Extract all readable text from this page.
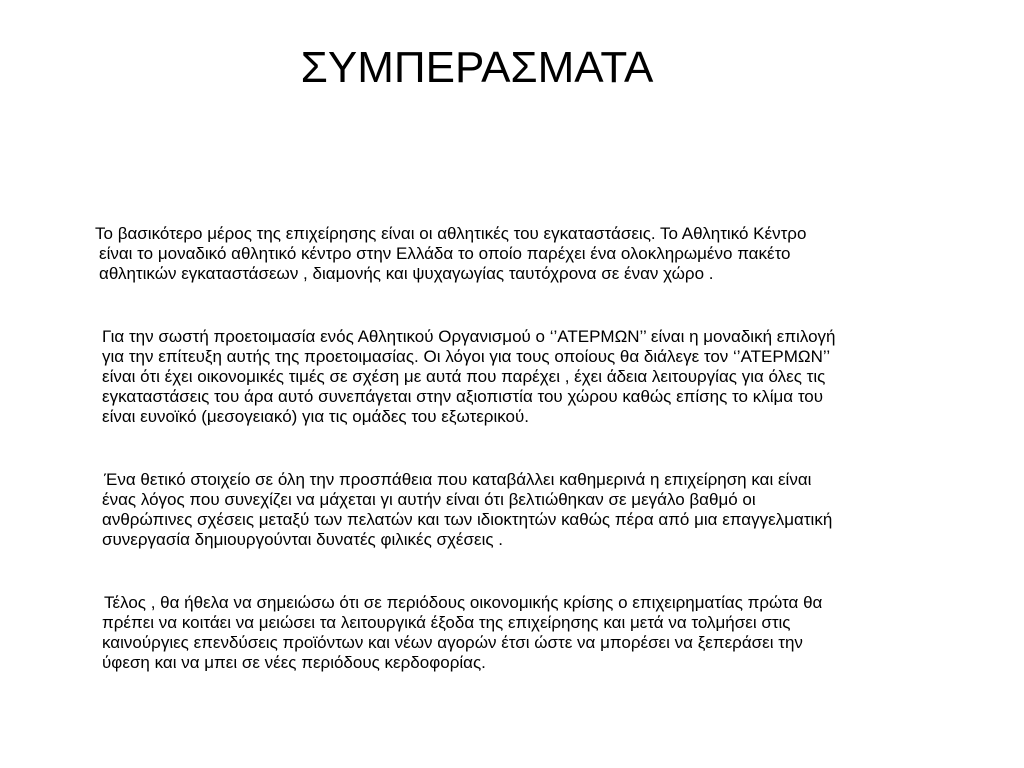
ΣΥΜΠΕΡΑΣΜΑΤΑ
Το βασικότερο μέρος της επιχείρησης είναι οι αθλητικές του εγκαταστάσεις. Το Αθλητικό Κέντρο
είναι το μοναδικό αθλητικό κέντρο στην Ελλάδα το οποίο παρέχει ένα ολοκληρωμένο πακέτο
αθλητικών εγκαταστάσεων , διαμονής και ψυχαγωγίας ταυτόχρονα σε έναν χώρο .
Για την σωστή προετοιμασία ενός Αθλητικού Οργανισμού ο ‘’ΑΤΕΡΜΩΝ’’ είναι η μοναδική επιλογή
για την επίτευξη αυτής της προετοιμασίας. Οι λόγοι για τους οποίους θα διάλεγε τον ‘’ΑΤΕΡΜΩΝ’’
είναι ότι έχει οικονομικές τιμές σε σχέση με αυτά που παρέχει , έχει άδεια λειτουργίας για όλες τις
εγκαταστάσεις του άρα αυτό συνεπάγεται στην αξιοπιστία του χώρου καθώς επίσης το κλίμα του
είναι ευνοϊκό (μεσογειακό) για τις ομάδες του εξωτερικού.
Ένα θετικό στοιχείο σε όλη την προσπάθεια που καταβάλλει καθημερινά η επιχείρηση και είναι
ένας λόγος που συνεχίζει να μάχεται γι αυτήν είναι ότι βελτιώθηκαν σε μεγάλο βαθμό οι
ανθρώπινες σχέσεις μεταξύ των πελατών και των ιδιοκτητών καθώς πέρα από μια επαγγελματική
συνεργασία δημιουργούνται δυνατές φιλικές σχέσεις .
Τέλος , θα ήθελα να σημειώσω ότι σε περιόδους οικονομικής κρίσης ο επιχειρηματίας πρώτα θα
πρέπει να κοιτάει να μειώσει τα λειτουργικά έξοδα της επιχείρησης και μετά να τολμήσει στις
καινούργιες επενδύσεις προϊόντων και νέων αγορών έτσι ώστε να μπορέσει να ξεπεράσει την
ύφεση και να μπει σε νέες περιόδους κερδοφορίας.
